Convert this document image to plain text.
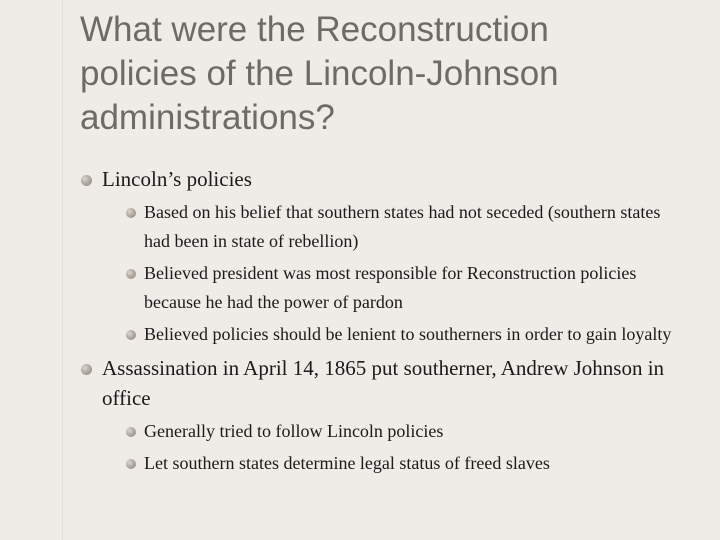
What were the Reconstruction
policies of the Lincoln-Johnson
administrations?
Lincoln’s policies
Based on his belief that southern states had not seceded (southern states had been in state of rebellion)
Believed president was most responsible for Reconstruction policies because he had the power of pardon
Believed policies should be lenient to southerners in order to gain loyalty
Assassination in April 14, 1865 put southerner, Andrew Johnson in office
Generally tried to follow Lincoln policies
Let southern states determine legal status of freed slaves
